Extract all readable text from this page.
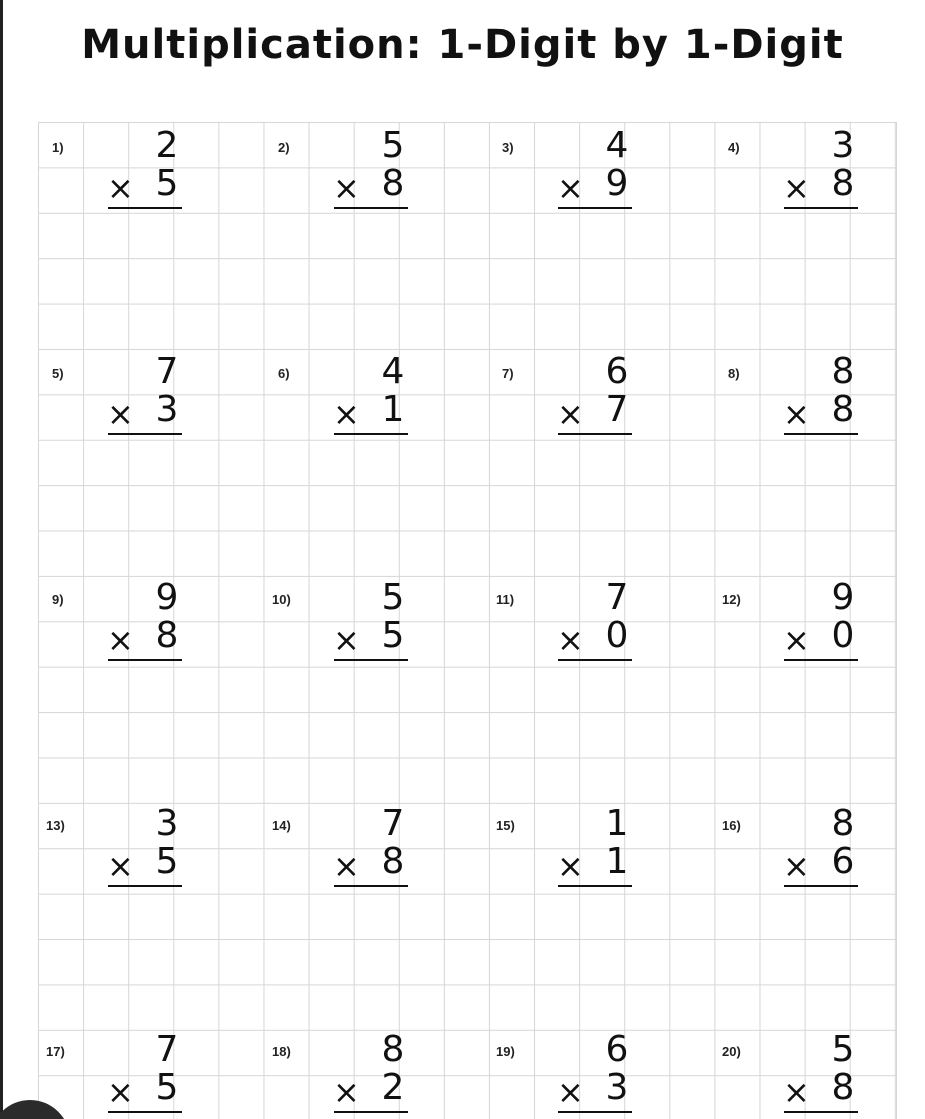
Multiplication: 1-Digit by 1-Digit
1)	2
× 5
2)	5
× 8
3)	4
× 9
4)	3
× 8
5)	7
× 3
6)	4
× 1
7)	6
× 7
8)	8
× 8
9)	9
× 8
10)	5
× 5
11)	7
× 0
12)	9
× 0
13)	3
× 5
14)	7
× 8
15)	1
× 1
16)	8
× 6
17)	7
× 5
18)	8
× 2
19)	6
× 3
20)	5
× 8
